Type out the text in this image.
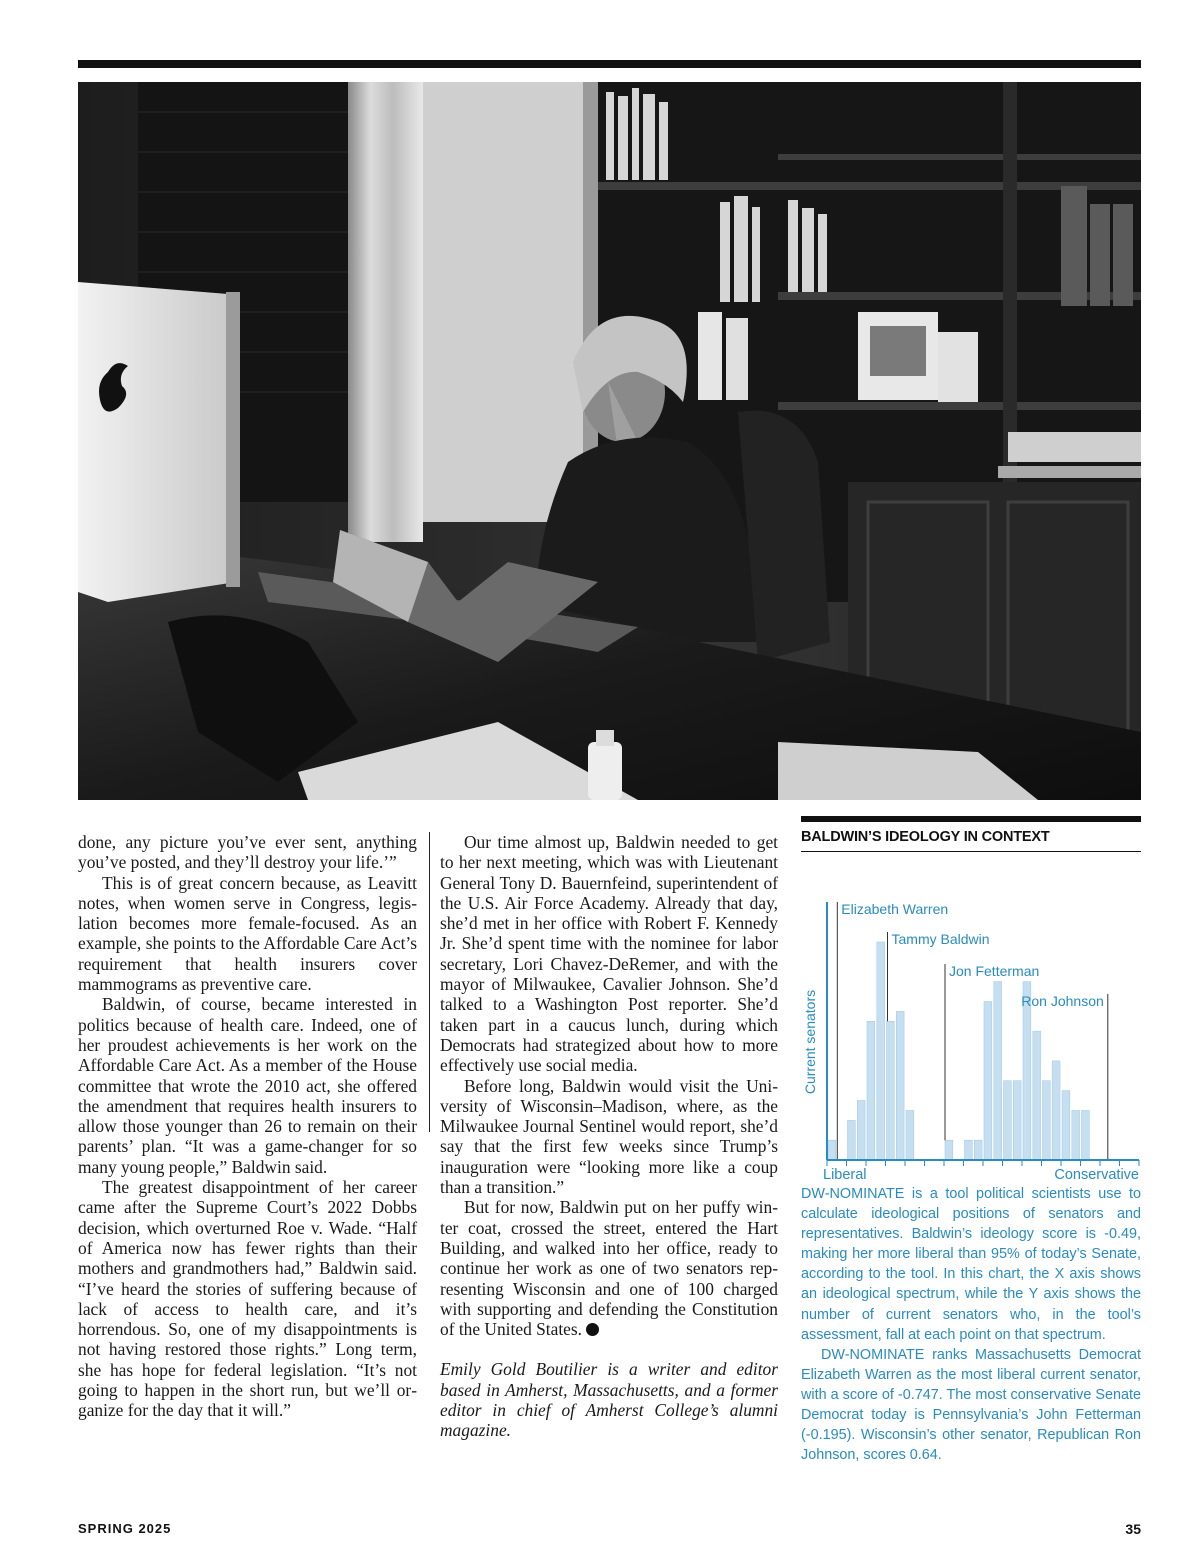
done, any picture you’ve ever sent, anything you’ve posted, and they’ll destroy your life.’”

This is of great concern because, as Leavitt notes, when women serve in Congress, legislation becomes more female-focused. As an example, she points to the Affordable Care Act’s requirement that health insurers cover mammograms as preventive care.

Baldwin, of course, became interested in politics because of health care. Indeed, one of her proudest achievements is her work on the Affordable Care Act. As a member of the House committee that wrote the 2010 act, she offered the amendment that requires health insurers to allow those younger than 26 to remain on their parents’ plan. “It was a game-changer for so many young people,” Baldwin said.

The greatest disappointment of her career came after the Supreme Court’s 2022 Dobbs decision, which overturned Roe v. Wade. “Half of America now has fewer rights than their mothers and grandmothers had,” Baldwin said. “I’ve heard the stories of suffering because of lack of access to health care, and it’s horrendous. So, one of my disappointments is not having restored those rights.” Long term, she has hope for federal legislation. “It’s not going to happen in the short run, but we’ll organize for the day that it will.”

Our time almost up, Baldwin needed to get to her next meeting, which was with Lieutenant General Tony D. Bauernfeind, superintendent of the U.S. Air Force Academy. Already that day, she’d met in her office with Robert F. Kennedy Jr. She’d spent time with the nominee for labor secretary, Lori Chavez-DeRemer, and with the mayor of Milwaukee, Cavalier Johnson. She’d talked to a Washington Post reporter. She’d taken part in a caucus lunch, during which Democrats had strategized about how to more effectively use social media.

Before long, Baldwin would visit the University of Wisconsin–Madison, where, as the Milwaukee Journal Sentinel would report, she’d say that the first few weeks since Trump’s inauguration were “looking more like a coup than a transition.”

But for now, Baldwin put on her puffy winter coat, crossed the street, entered the Hart Building, and walked into her office, ready to continue her work as one of two senators representing Wisconsin and one of 100 charged with supporting and defending the Constitution of the United States.

Emily Gold Boutilier is a writer and editor based in Amherst, Massachusetts, and a former editor in chief of Amherst College’s alumni magazine.

BALDWIN’S IDEOLOGY IN CONTEXT
Current senators
Elizabeth Warren
Tammy Baldwin
Jon Fetterman
Ron Johnson
Liberal	Conservative

DW-NOMINATE is a tool political scientists use to calculate ideological positions of senators and representatives. Baldwin’s ideology score is -0.49, making her more liberal than 95% of today’s Senate, according to the tool. In this chart, the X axis shows an ideological spectrum, while the Y axis shows the number of current senators who, in the tool’s assessment, fall at each point on that spectrum.

DW-NOMINATE ranks Massachusetts Democrat Elizabeth Warren as the most liberal current senator, with a score of -0.747. The most conservative Senate Democrat today is Pennsylvania’s John Fetterman (-0.195). Wisconsin’s other senator, Republican Ron Johnson, scores 0.64.

SPRING 2025	35
